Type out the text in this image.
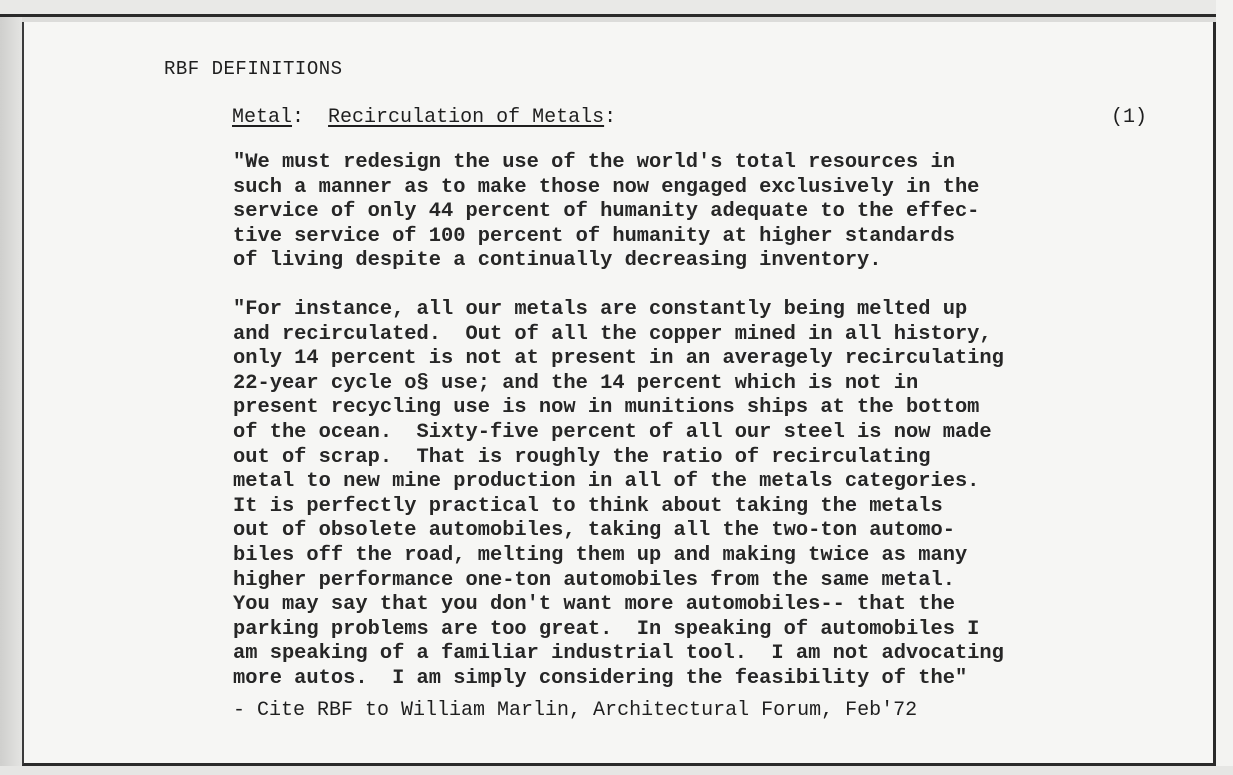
RBF DEFINITIONS
Metal: Recirculation of Metals:	(1)
"We must redesign the use of the world's total resources in
such a manner as to make those now engaged exclusively in the
service of only 44 percent of humanity adequate to the effec-
tive service of 100 percent of humanity at higher standards
of living despite a continually decreasing inventory.
"For instance, all our metals are constantly being melted up
and recirculated.  Out of all the copper mined in all history,
only 14 percent is not at present in an averagely recirculating
22-year cycle o§ use; and the 14 percent which is not in
present recycling use is now in munitions ships at the bottom
of the ocean.  Sixty-five percent of all our steel is now made
out of scrap.  That is roughly the ratio of recirculating
metal to new mine production in all of the metals categories.
It is perfectly practical to think about taking the metals
out of obsolete automobiles, taking all the two-ton automo-
biles off the road, melting them up and making twice as many
higher performance one-ton automobiles from the same metal.
You may say that you don't want more automobiles-- that the
parking problems are too great.  In speaking of automobiles I
am speaking of a familiar industrial tool.  I am not advocating
more autos.  I am simply considering the feasibility of the"
- Cite RBF to William Marlin, Architectural Forum, Feb'72
